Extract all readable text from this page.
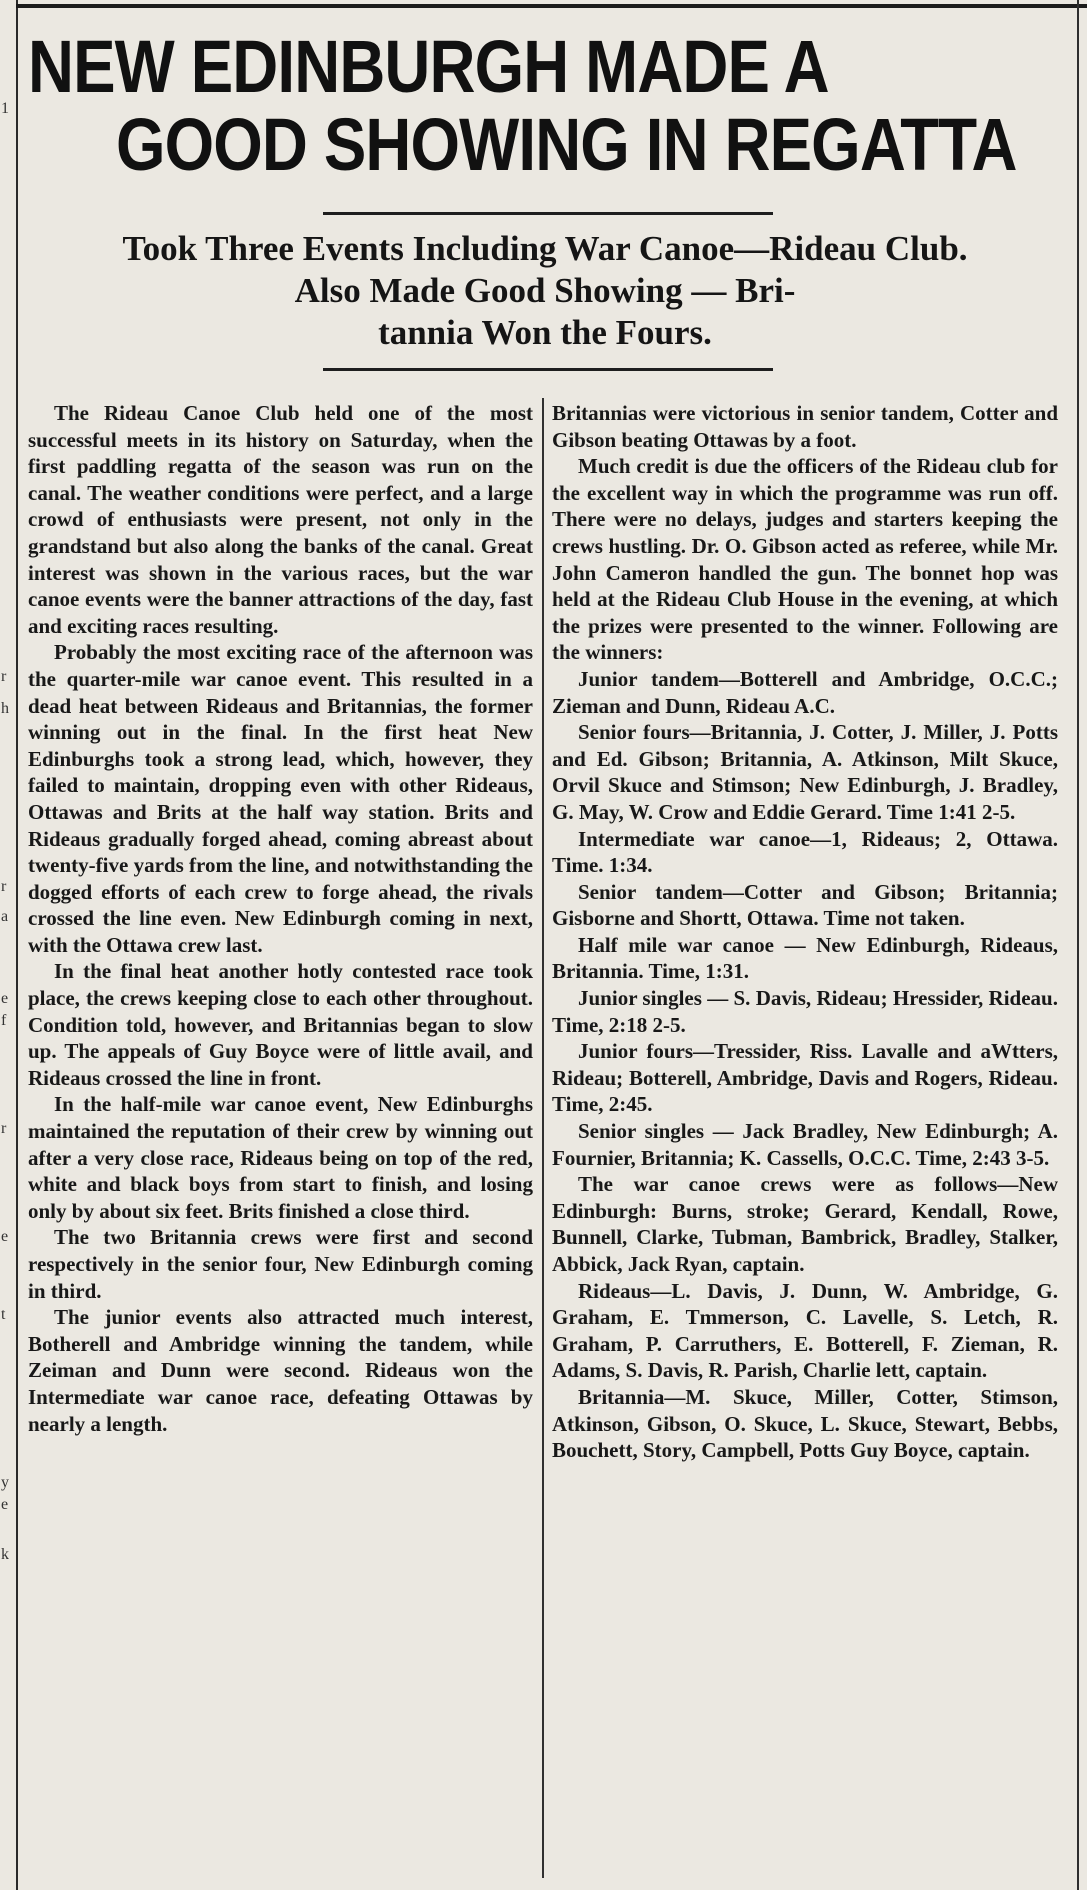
1
r
h
r
a
e
f
r
e
t
y
e
k
NEW EDINBURGH MADE A
GOOD SHOWING IN REGATTA
Took Three Events Including War Canoe—Rideau Club.
Also Made Good Showing — Bri-
tannia Won the Fours.

The Rideau Canoe Club held one of the most successful meets in its history on Saturday, when the first paddling regatta of the season was run on the canal. The weather conditions were perfect, and a large crowd of enthusiasts were present, not only in the grandstand but also along the banks of the canal. Great interest was shown in the various races, but the war canoe events were the banner attractions of the day, fast and exciting races resulting.

Probably the most exciting race of the afternoon was the quarter-mile war canoe event. This resulted in a dead heat between Rideaus and Britannias, the former winning out in the final. In the first heat New Edinburghs took a strong lead, which, however, they failed to maintain, dropping even with other Rideaus, Ottawas and Brits at the half way station. Brits and Rideaus gradually forged ahead, coming abreast about twenty-five yards from the line, and notwithstanding the dogged efforts of each crew to forge ahead, the rivals crossed the line even. New Edinburgh coming in next, with the Ottawa crew last.

In the final heat another hotly contested race took place, the crews keeping close to each other throughout. Condition told, however, and Britannias began to slow up. The appeals of Guy Boyce were of little avail, and Rideaus crossed the line in front.

In the half-mile war canoe event, New Edinburghs maintained the reputation of their crew by winning out after a very close race, Rideaus being on top of the red, white and black boys from start to finish, and losing only by about six feet. Brits finished a close third.

The two Britannia crews were first and second respectively in the senior four, New Edinburgh coming in third.

The junior events also attracted much interest, Botherell and Ambridge winning the tandem, while Zeiman and Dunn were second. Rideaus won the Intermediate war canoe race, defeating Ottawas by nearly a length.

Britannias were victorious in senior tandem, Cotter and Gibson beating Ottawas by a foot.

Much credit is due the officers of the Rideau club for the excellent way in which the programme was run off. There were no delays, judges and starters keeping the crews hustling. Dr. O. Gibson acted as referee, while Mr. John Cameron handled the gun. The bonnet hop was held at the Rideau Club House in the evening, at which the prizes were presented to the winner. Following are the winners:

Junior tandem—Botterell and Ambridge, O.C.C.; Zieman and Dunn, Rideau A.C.

Senior fours—Britannia, J. Cotter, J. Miller, J. Potts and Ed. Gibson; Britannia, A. Atkinson, Milt Skuce, Orvil Skuce and Stimson; New Edinburgh, J. Bradley, G. May, W. Crow and Eddie Gerard. Time 1:41 2-5.

Intermediate war canoe—1, Rideaus; 2, Ottawa. Time. 1:34.

Senior tandem—Cotter and Gibson; Britannia; Gisborne and Shortt, Ottawa. Time not taken.

Half mile war canoe — New Edinburgh, Rideaus, Britannia. Time, 1:31.

Junior singles — S. Davis, Rideau; Hressider, Rideau. Time, 2:18 2-5.

Junior fours—Tressider, Riss. Lavalle and aWtters, Rideau; Botterell, Ambridge, Davis and Rogers, Rideau. Time, 2:45.

Senior singles — Jack Bradley, New Edinburgh; A. Fournier, Britannia; K. Cassells, O.C.C. Time, 2:43 3-5.

The war canoe crews were as follows—New Edinburgh: Burns, stroke; Gerard, Kendall, Rowe, Bunnell, Clarke, Tubman, Bambrick, Bradley, Stalker, Abbick, Jack Ryan, captain.

Rideaus—L. Davis, J. Dunn, W. Ambridge, G. Graham, E. Tmmerson, C. Lavelle, S. Letch, R. Graham, P. Carruthers, E. Botterell, F. Zieman, R. Adams, S. Davis, R. Parish, Charlie lett, captain.

Britannia—M. Skuce, Miller, Cotter, Stimson, Atkinson, Gibson, O. Skuce, L. Skuce, Stewart, Bebbs, Bouchett, Story, Campbell, Potts Guy Boyce, captain.
